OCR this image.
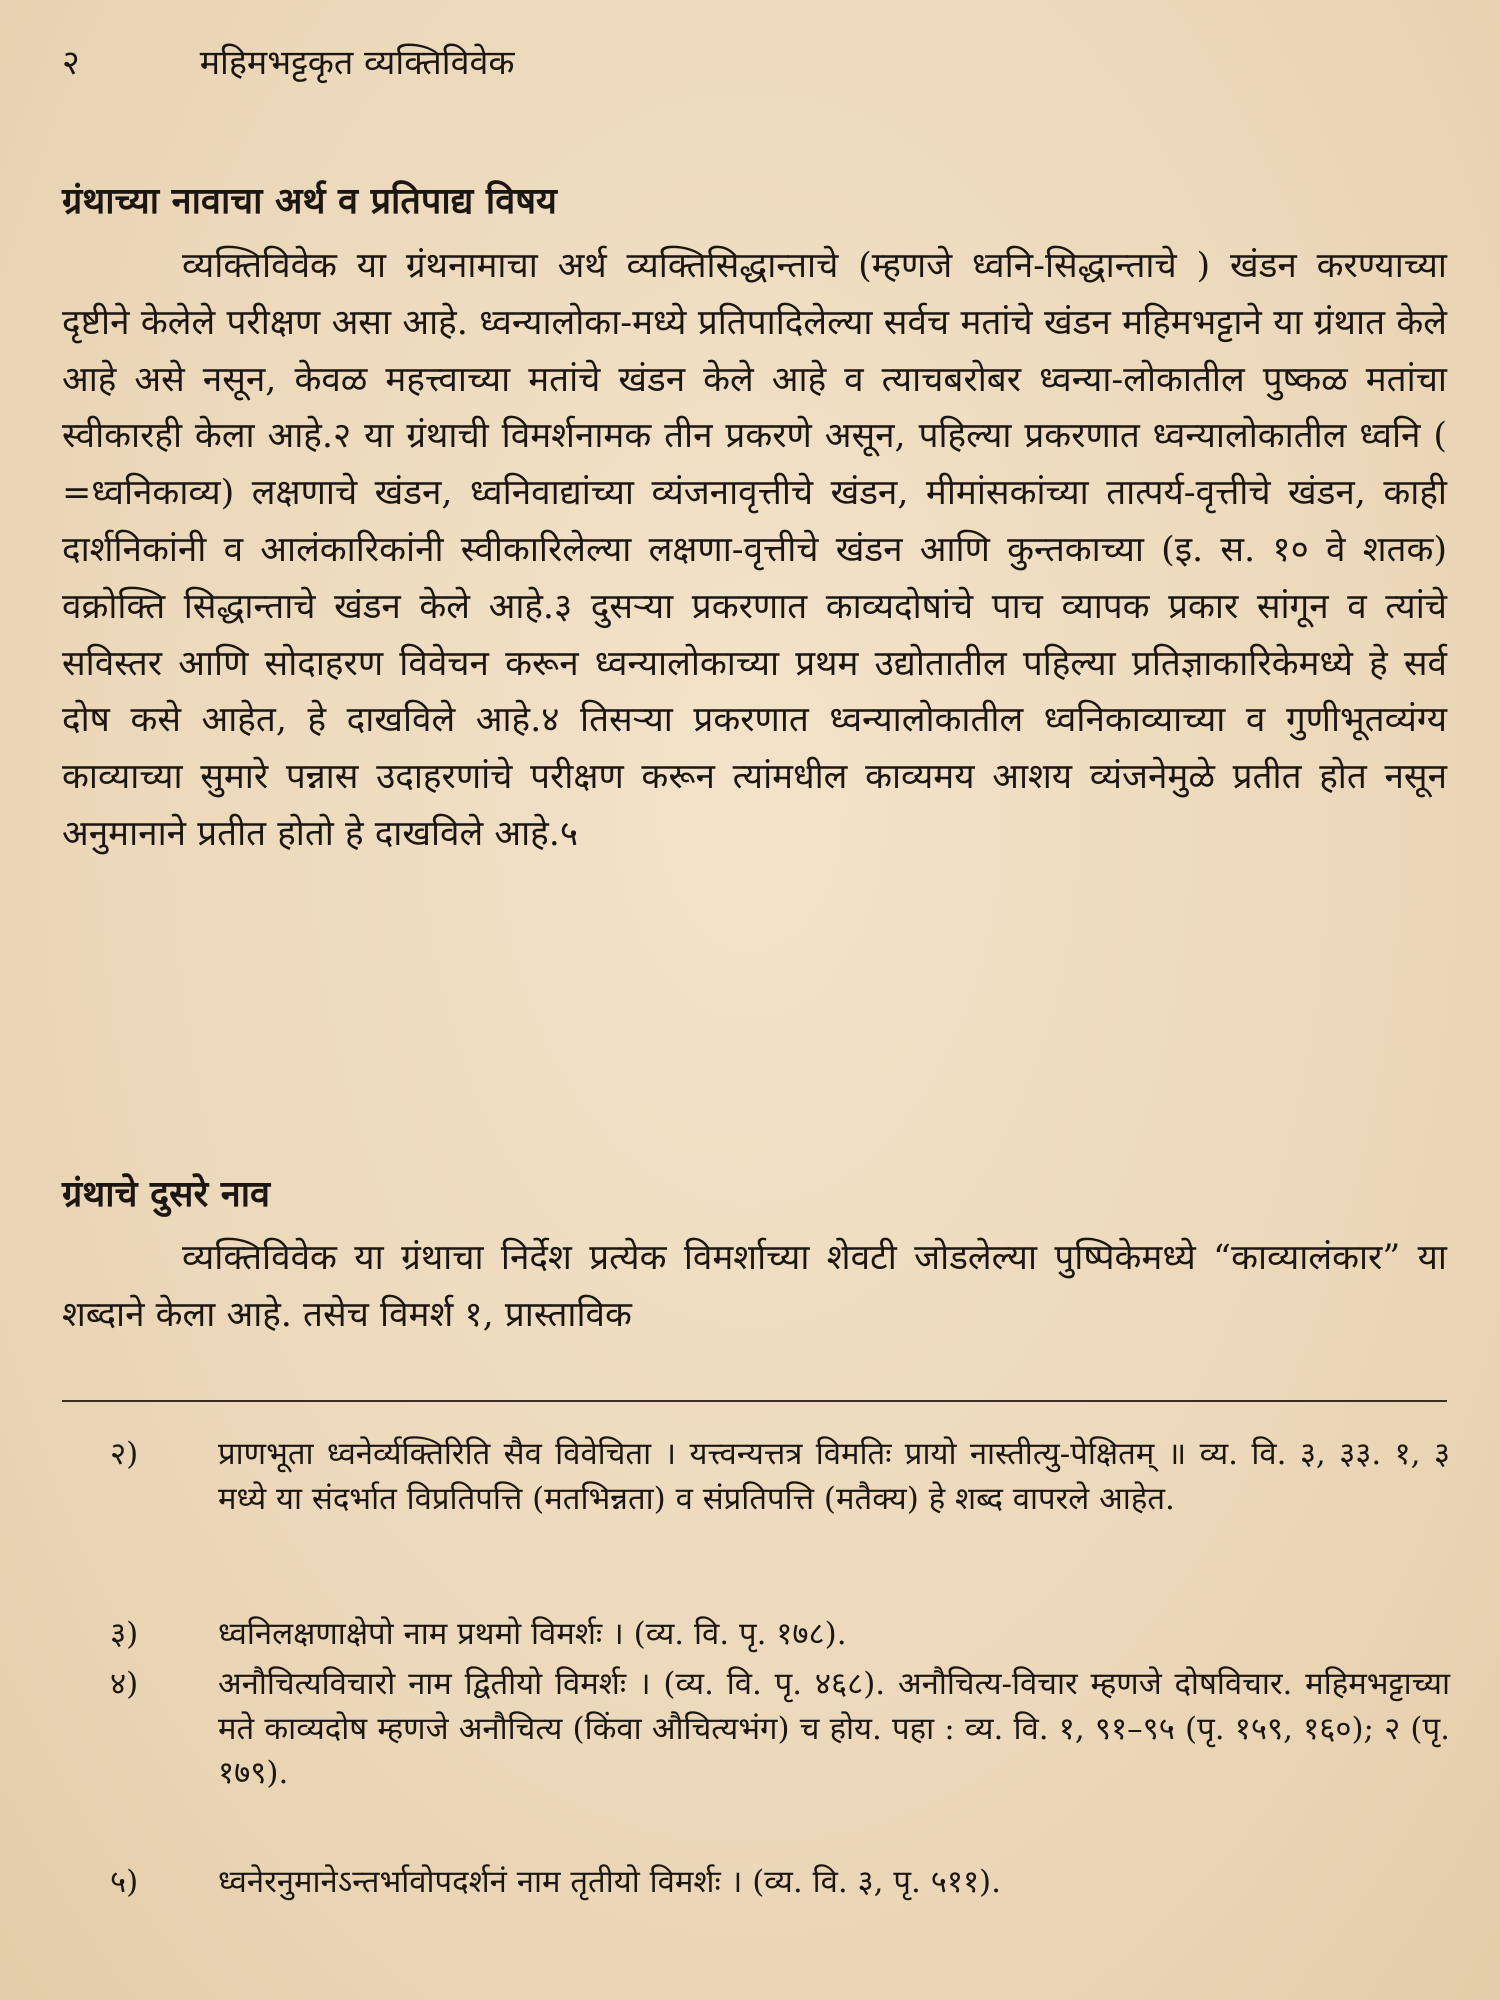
२	महिमभट्टकृत व्यक्तिविवेक
ग्रंथाच्या नावाचा अर्थ व प्रतिपाद्य विषय

व्यक्तिविवेक या ग्रंथनामाचा अर्थ व्यक्तिसिद्धान्ताचे (म्हणजे ध्वनि-सिद्धान्ताचे ) खंडन करण्याच्या दृष्टीने केलेले परीक्षण असा आहे. ध्वन्यालोका-मध्ये प्रतिपादिलेल्या सर्वच मतांचे खंडन महिमभट्टाने या ग्रंथात केले आहे असे नसून, केवळ महत्त्वाच्या मतांचे खंडन केले आहे व त्याचबरोबर ध्वन्या-लोकातील पुष्कळ मतांचा स्वीकारही केला आहे.२ या ग्रंथाची विमर्शनामक तीन प्रकरणे असून, पहिल्या प्रकरणात ध्वन्यालोकातील ध्वनि ( =ध्वनिकाव्य) लक्षणाचे खंडन, ध्वनिवाद्यांच्या व्यंजनावृत्तीचे खंडन, मीमांसकांच्या तात्पर्य-वृत्तीचे खंडन, काही दार्शनिकांनी व आलंकारिकांनी स्वीकारिलेल्या लक्षणा-वृत्तीचे खंडन आणि कुन्तकाच्या (इ. स. १० वे शतक) वक्रोक्ति सिद्धान्ताचे खंडन केले आहे.३ दुसऱ्या प्रकरणात काव्यदोषांचे पाच व्यापक प्रकार सांगून व त्यांचे सविस्तर आणि सोदाहरण विवेचन करून ध्वन्यालोकाच्या प्रथम उद्योतातील पहिल्या प्रतिज्ञाकारिकेमध्ये हे सर्व दोष कसे आहेत, हे दाखविले आहे.४ तिसऱ्या प्रकरणात ध्वन्यालोकातील ध्वनिकाव्याच्या व गुणीभूतव्यंग्य काव्याच्या सुमारे पन्नास उदाहरणांचे परीक्षण करून त्यांमधील काव्यमय आशय व्यंजनेमुळे प्रतीत होत नसून अनुमानाने प्रतीत होतो हे दाखविले आहे.५

ग्रंथाचे दुसरे नाव

व्यक्तिविवेक या ग्रंथाचा निर्देश प्रत्येक विमर्शाच्या शेवटी जोडलेल्या पुष्पिकेमध्ये “काव्यालंकार” या शब्दाने केला आहे. तसेच विमर्श १, प्रास्ताविक

२)	प्राणभूता ध्वनेर्व्यक्तिरिति सैव विवेचिता । यत्त्वन्यत्तत्र विमतिः प्रायो नास्तीत्यु-पेक्षितम् ॥ व्य. वि. ३, ३३. १, ३ मध्ये या संदर्भात विप्रतिपत्ति (मतभिन्नता) व संप्रतिपत्ति (मतैक्य) हे शब्द वापरले आहेत.
३)	ध्वनिलक्षणाक्षेपो नाम प्रथमो विमर्शः । (व्य. वि. पृ. १७८).
४)	अनौचित्यविचारो नाम द्वितीयो विमर्शः । (व्य. वि. पृ. ४६८). अनौचित्य-विचार म्हणजे दोषविचार. महिमभट्टाच्या मते काव्यदोष म्हणजे अनौचित्य (किंवा औचित्यभंग) च होय. पहा : व्य. वि. १, ९१–९५ (पृ. १५९, १६०); २ (पृ. १७९).
५)	ध्वनेरनुमानेऽन्तर्भावोपदर्शनं नाम तृतीयो विमर्शः । (व्य. वि. ३, पृ. ५११).
